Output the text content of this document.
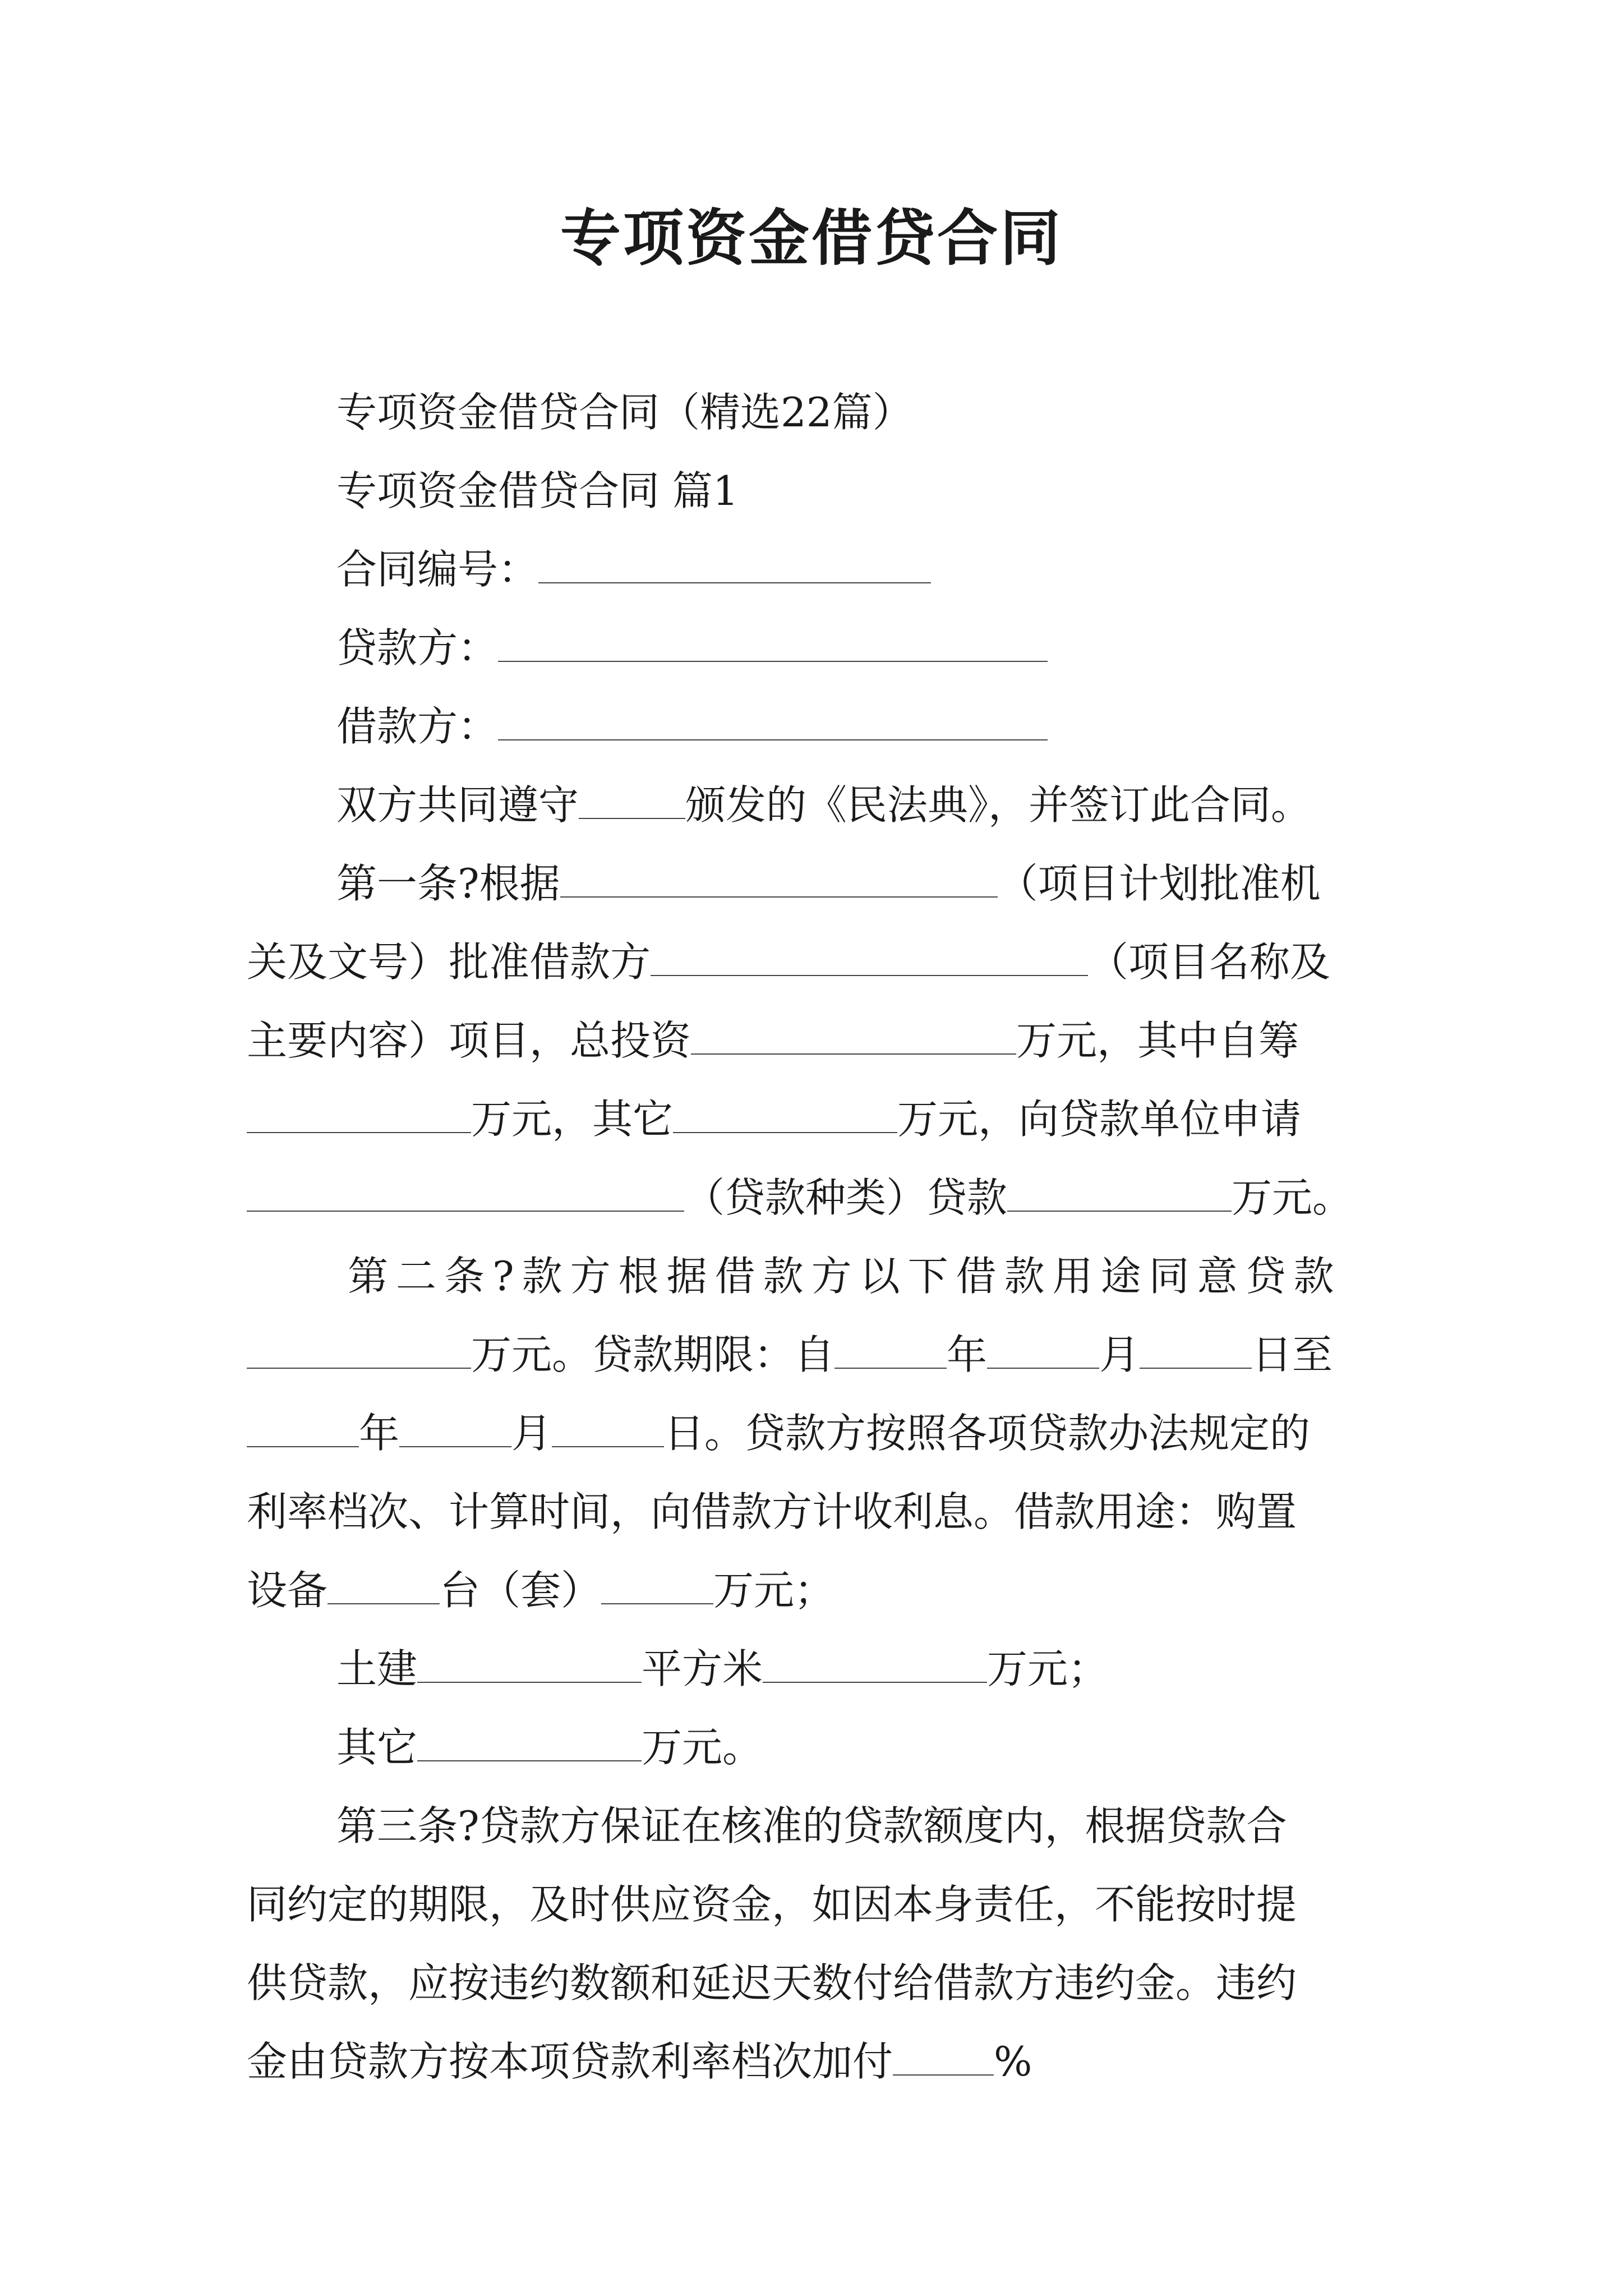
专项资金借贷合同
专项资金借贷合同（精选22篇）
专项资金借贷合同 篇1
合同编号：
贷款方：
借款方：
双方共同遵守	颁发的《民法典》，并签订此合同。
第一条?根据	（项目计划批准机
关及文号）批准借款方	（项目名称及
主要内容）项目，总投资	万元，其中自筹
万元，其它	万元，向贷款单位申请
（贷款种类）贷款	万元。
第二条?款方根据借款方以下借款用途同意贷款
万元。贷款期限：自	年	月	日至
年	月	日。贷款方按照各项贷款办法规定的
利率档次、计算时间，向借款方计收利息。借款用途：购置
设备	台（套）	万元；
土建	平方米	万元；
其它	万元。
第三条?贷款方保证在核准的贷款额度内，根据贷款合
同约定的期限，及时供应资金，如因本身责任，不能按时提
供贷款，应按违约数额和延迟天数付给借款方违约金。违约
金由贷款方按本项贷款利率档次加付	%
